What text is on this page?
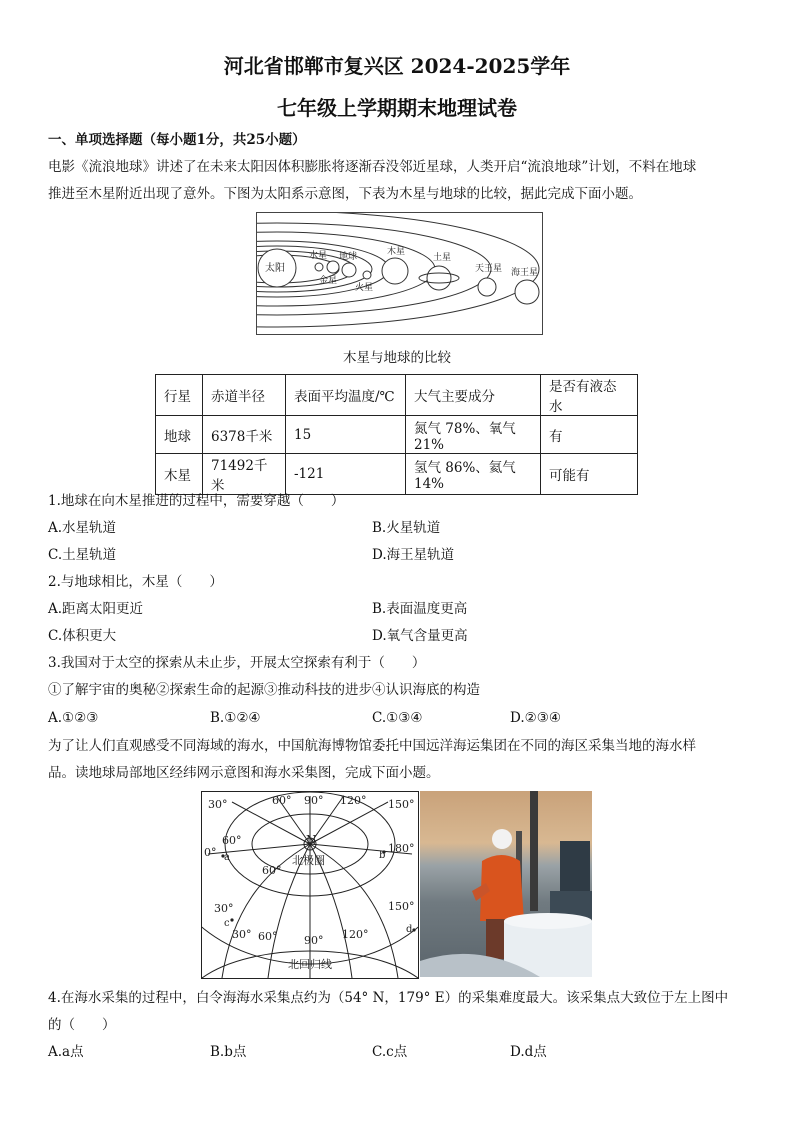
河北省邯郸市复兴区 2024-2025学年
七年级上学期期末地理试卷
一、单项选择题（每小题1分，共25小题）
电影《流浪地球》讲述了在未来太阳因体积膨胀将逐渐吞没邻近星球，人类开启“流浪地球”计划，不料在地球
推进至木星附近出现了意外。下图为太阳系示意图，下表为木星与地球的比较，据此完成下面小题。
太阳
水星
金星
地球
火星
木星
土星
天王星 海王星
木星与地球的比较
行星	赤道半径	表面平均温度/℃	大气主要成分	是否有液态水
地球	6378千米	15	氮气 78%、氧气 21%	有
木星	71492千米	-121	氢气 86%、氦气 14%	可能有
1.地球在向木星推进的过程中，需要穿越（　　）
A.水星轨道	B.火星轨道
C.土星轨道	D.海王星轨道
2.与地球相比，木星（　　）
A.距离太阳更近	B.表面温度更高
C.体积更大	D.氧气含量更高
3.我国对于太空的探索从未止步，开展太空探索有利于（　　）
①了解宇宙的奥秘②探索生命的起源③推动科技的进步④认识海底的构造
A.①②③	B.①②④	C.①③④	D.②③④
为了让人们直观感受不同海域的海水，中国航海博物馆委托中国远洋海运集团在不同的海区采集当地的海水样
品。读地球局部地区经纬网示意图和海水采集图，完成下面小题。
30°	60° 90° 120° 150°
0°	180°
60°
60°
N
北极圈
30°	150°
30° 60° 90° 120°
北回归线
a	b
c
d
4.在海水采集的过程中，白令海海水采集点约为（54° N，179° E）的采集难度最大。该采集点大致位于左上图中
的（　　）
A.a点	B.b点	C.c点	D.d点
